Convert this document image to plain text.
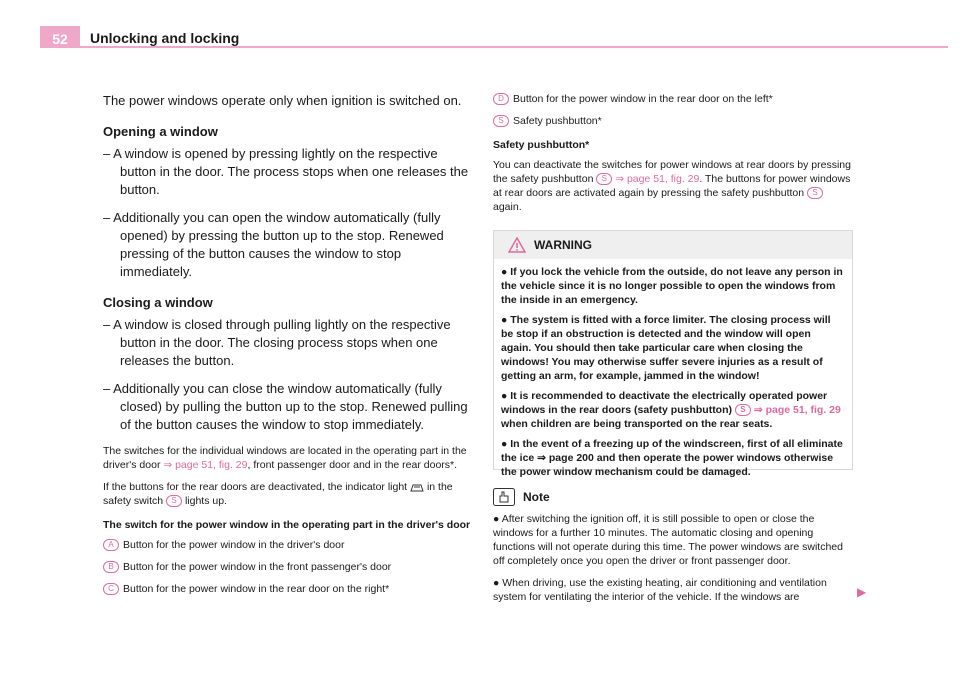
52	Unlocking and locking

The power windows operate only when ignition is switched on.

Opening a window

– A window is opened by pressing lightly on the respective button in the door. The process stops when one releases the button.

– Additionally you can open the window automatically (fully opened) by pressing the button up to the stop. Renewed pressing of the button causes the window to stop immediately.

Closing a window

– A window is closed through pulling lightly on the respective button in the door. The closing process stops when one releases the button.

– Additionally you can close the window automatically (fully closed) by pulling the button up to the stop. Renewed pulling of the button causes the window to stop immediately.

The switches for the individual windows are located in the operating part in the driver's door ⇒ page 51, fig. 29, front passenger door and in the rear doors*.

If the buttons for the rear doors are deactivated, the indicator light in the safety switch S lights up.

The switch for the power window in the operating part in the driver's door

A Button for the power window in the driver's door
B Button for the power window in the front passenger's door
C Button for the power window in the rear door on the right*
D Button for the power window in the rear door on the left*
S Safety pushbutton*

Safety pushbutton*

You can deactivate the switches for power windows at rear doors by pressing the safety pushbutton S ⇒ page 51, fig. 29. The buttons for power windows at rear doors are activated again by pressing the safety pushbutton S again.

WARNING

● If you lock the vehicle from the outside, do not leave any person in the vehicle since it is no longer possible to open the windows from the inside in an emergency.

● The system is fitted with a force limiter. The closing process will be stop if an obstruction is detected and the window will open again. You should then take particular care when closing the windows! You may otherwise suffer severe injuries as a result of getting an arm, for example, jammed in the window!

● It is recommended to deactivate the electrically operated power windows in the rear doors (safety pushbutton) S ⇒ page 51, fig. 29 when children are being transported on the rear seats.

● In the event of a freezing up of the windscreen, first of all eliminate the ice ⇒ page 200 and then operate the power windows otherwise the power window mechanism could be damaged.

Note

● After switching the ignition off, it is still possible to open or close the windows for a further 10 minutes. The automatic closing and opening functions will not operate during this time. The power windows are switched off completely once you open the driver or front passenger door.

● When driving, use the existing heating, air conditioning and ventilation system for ventilating the interior of the vehicle. If the windows are	▶
